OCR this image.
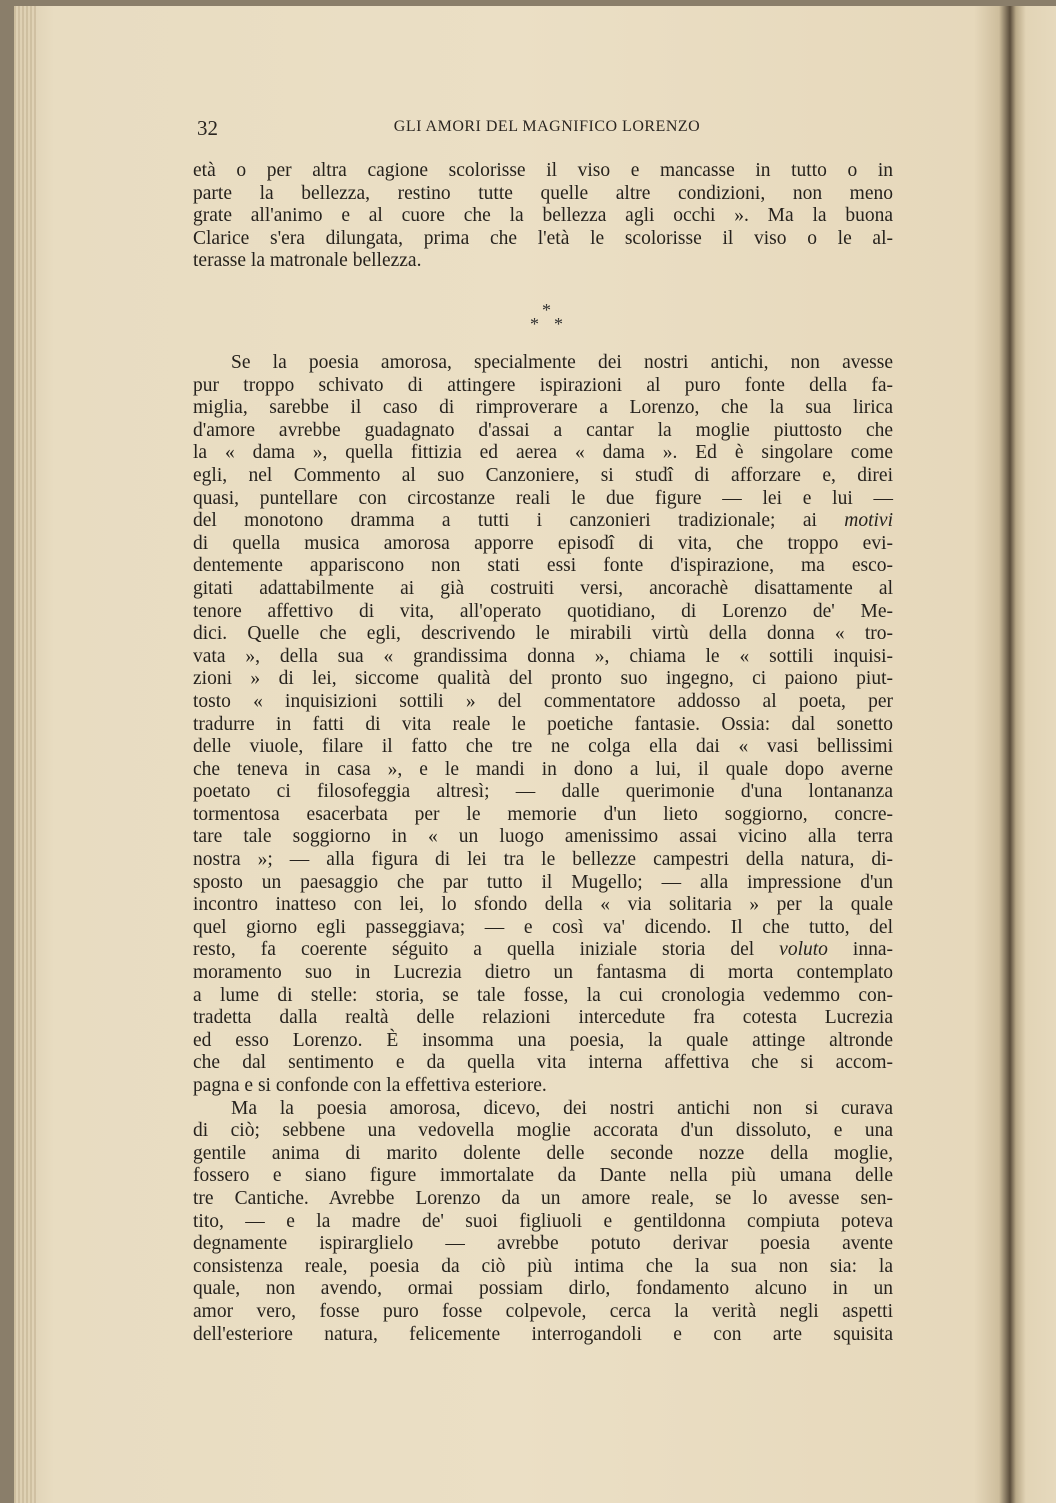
32	GLI AMORI DEL MAGNIFICO LORENZO
età o per altra cagione scolorisse il viso e mancasse in tutto o in
parte la bellezza, restino tutte quelle altre condizioni, non meno
grate all'animo e al cuore che la bellezza agli occhi ». Ma la buona
Clarice s'era dilungata, prima che l'età le scolorisse il viso o le al-
terasse la matronale bellezza.
*
* *
Se la poesia amorosa, specialmente dei nostri antichi, non avesse
pur troppo schivato di attingere ispirazioni al puro fonte della fa-
miglia, sarebbe il caso di rimproverare a Lorenzo, che la sua lirica
d'amore avrebbe guadagnato d'assai a cantar la moglie piuttosto che
la « dama », quella fittizia ed aerea « dama ». Ed è singolare come
egli, nel Commento al suo Canzoniere, si studî di afforzare e, direi
quasi, puntellare con circostanze reali le due figure — lei e lui —
del monotono dramma a tutti i canzonieri tradizionale; ai motivi
di quella musica amorosa apporre episodî di vita, che troppo evi-
dentemente appariscono non stati essi fonte d'ispirazione, ma esco-
gitati adattabilmente ai già costruiti versi, ancorachè disattamente al
tenore affettivo di vita, all'operato quotidiano, di Lorenzo de' Me-
dici. Quelle che egli, descrivendo le mirabili virtù della donna « tro-
vata », della sua « grandissima donna », chiama le « sottili inquisi-
zioni » di lei, siccome qualità del pronto suo ingegno, ci paiono piut-
tosto « inquisizioni sottili » del commentatore addosso al poeta, per
tradurre in fatti di vita reale le poetiche fantasie. Ossia: dal sonetto
delle viuole, filare il fatto che tre ne colga ella dai « vasi bellissimi
che teneva in casa », e le mandi in dono a lui, il quale dopo averne
poetato ci filosofeggia altresì; — dalle querimonie d'una lontananza
tormentosa esacerbata per le memorie d'un lieto soggiorno, concre-
tare tale soggiorno in « un luogo amenissimo assai vicino alla terra
nostra »; — alla figura di lei tra le bellezze campestri della natura, di-
sposto un paesaggio che par tutto il Mugello; — alla impressione d'un
incontro inatteso con lei, lo sfondo della « via solitaria » per la quale
quel giorno egli passeggiava; — e così va' dicendo. Il che tutto, del
resto, fa coerente séguito a quella iniziale storia del voluto inna-
moramento suo in Lucrezia dietro un fantasma di morta contemplato
a lume di stelle: storia, se tale fosse, la cui cronologia vedemmo con-
tradetta dalla realtà delle relazioni intercedute fra cotesta Lucrezia
ed esso Lorenzo. È insomma una poesia, la quale attinge altronde
che dal sentimento e da quella vita interna affettiva che si accom-
pagna e si confonde con la effettiva esteriore.
Ma la poesia amorosa, dicevo, dei nostri antichi non si curava
di ciò; sebbene una vedovella moglie accorata d'un dissoluto, e una
gentile anima di marito dolente delle seconde nozze della moglie,
fossero e siano figure immortalate da Dante nella più umana delle
tre Cantiche. Avrebbe Lorenzo da un amore reale, se lo avesse sen-
tito, — e la madre de' suoi figliuoli e gentildonna compiuta poteva
degnamente ispirarglielo — avrebbe potuto derivar poesia avente
consistenza reale, poesia da ciò più intima che la sua non sia: la
quale, non avendo, ormai possiam dirlo, fondamento alcuno in un
amor vero, fosse puro fosse colpevole, cerca la verità negli aspetti
dell'esteriore natura, felicemente interrogandoli e con arte squisita
